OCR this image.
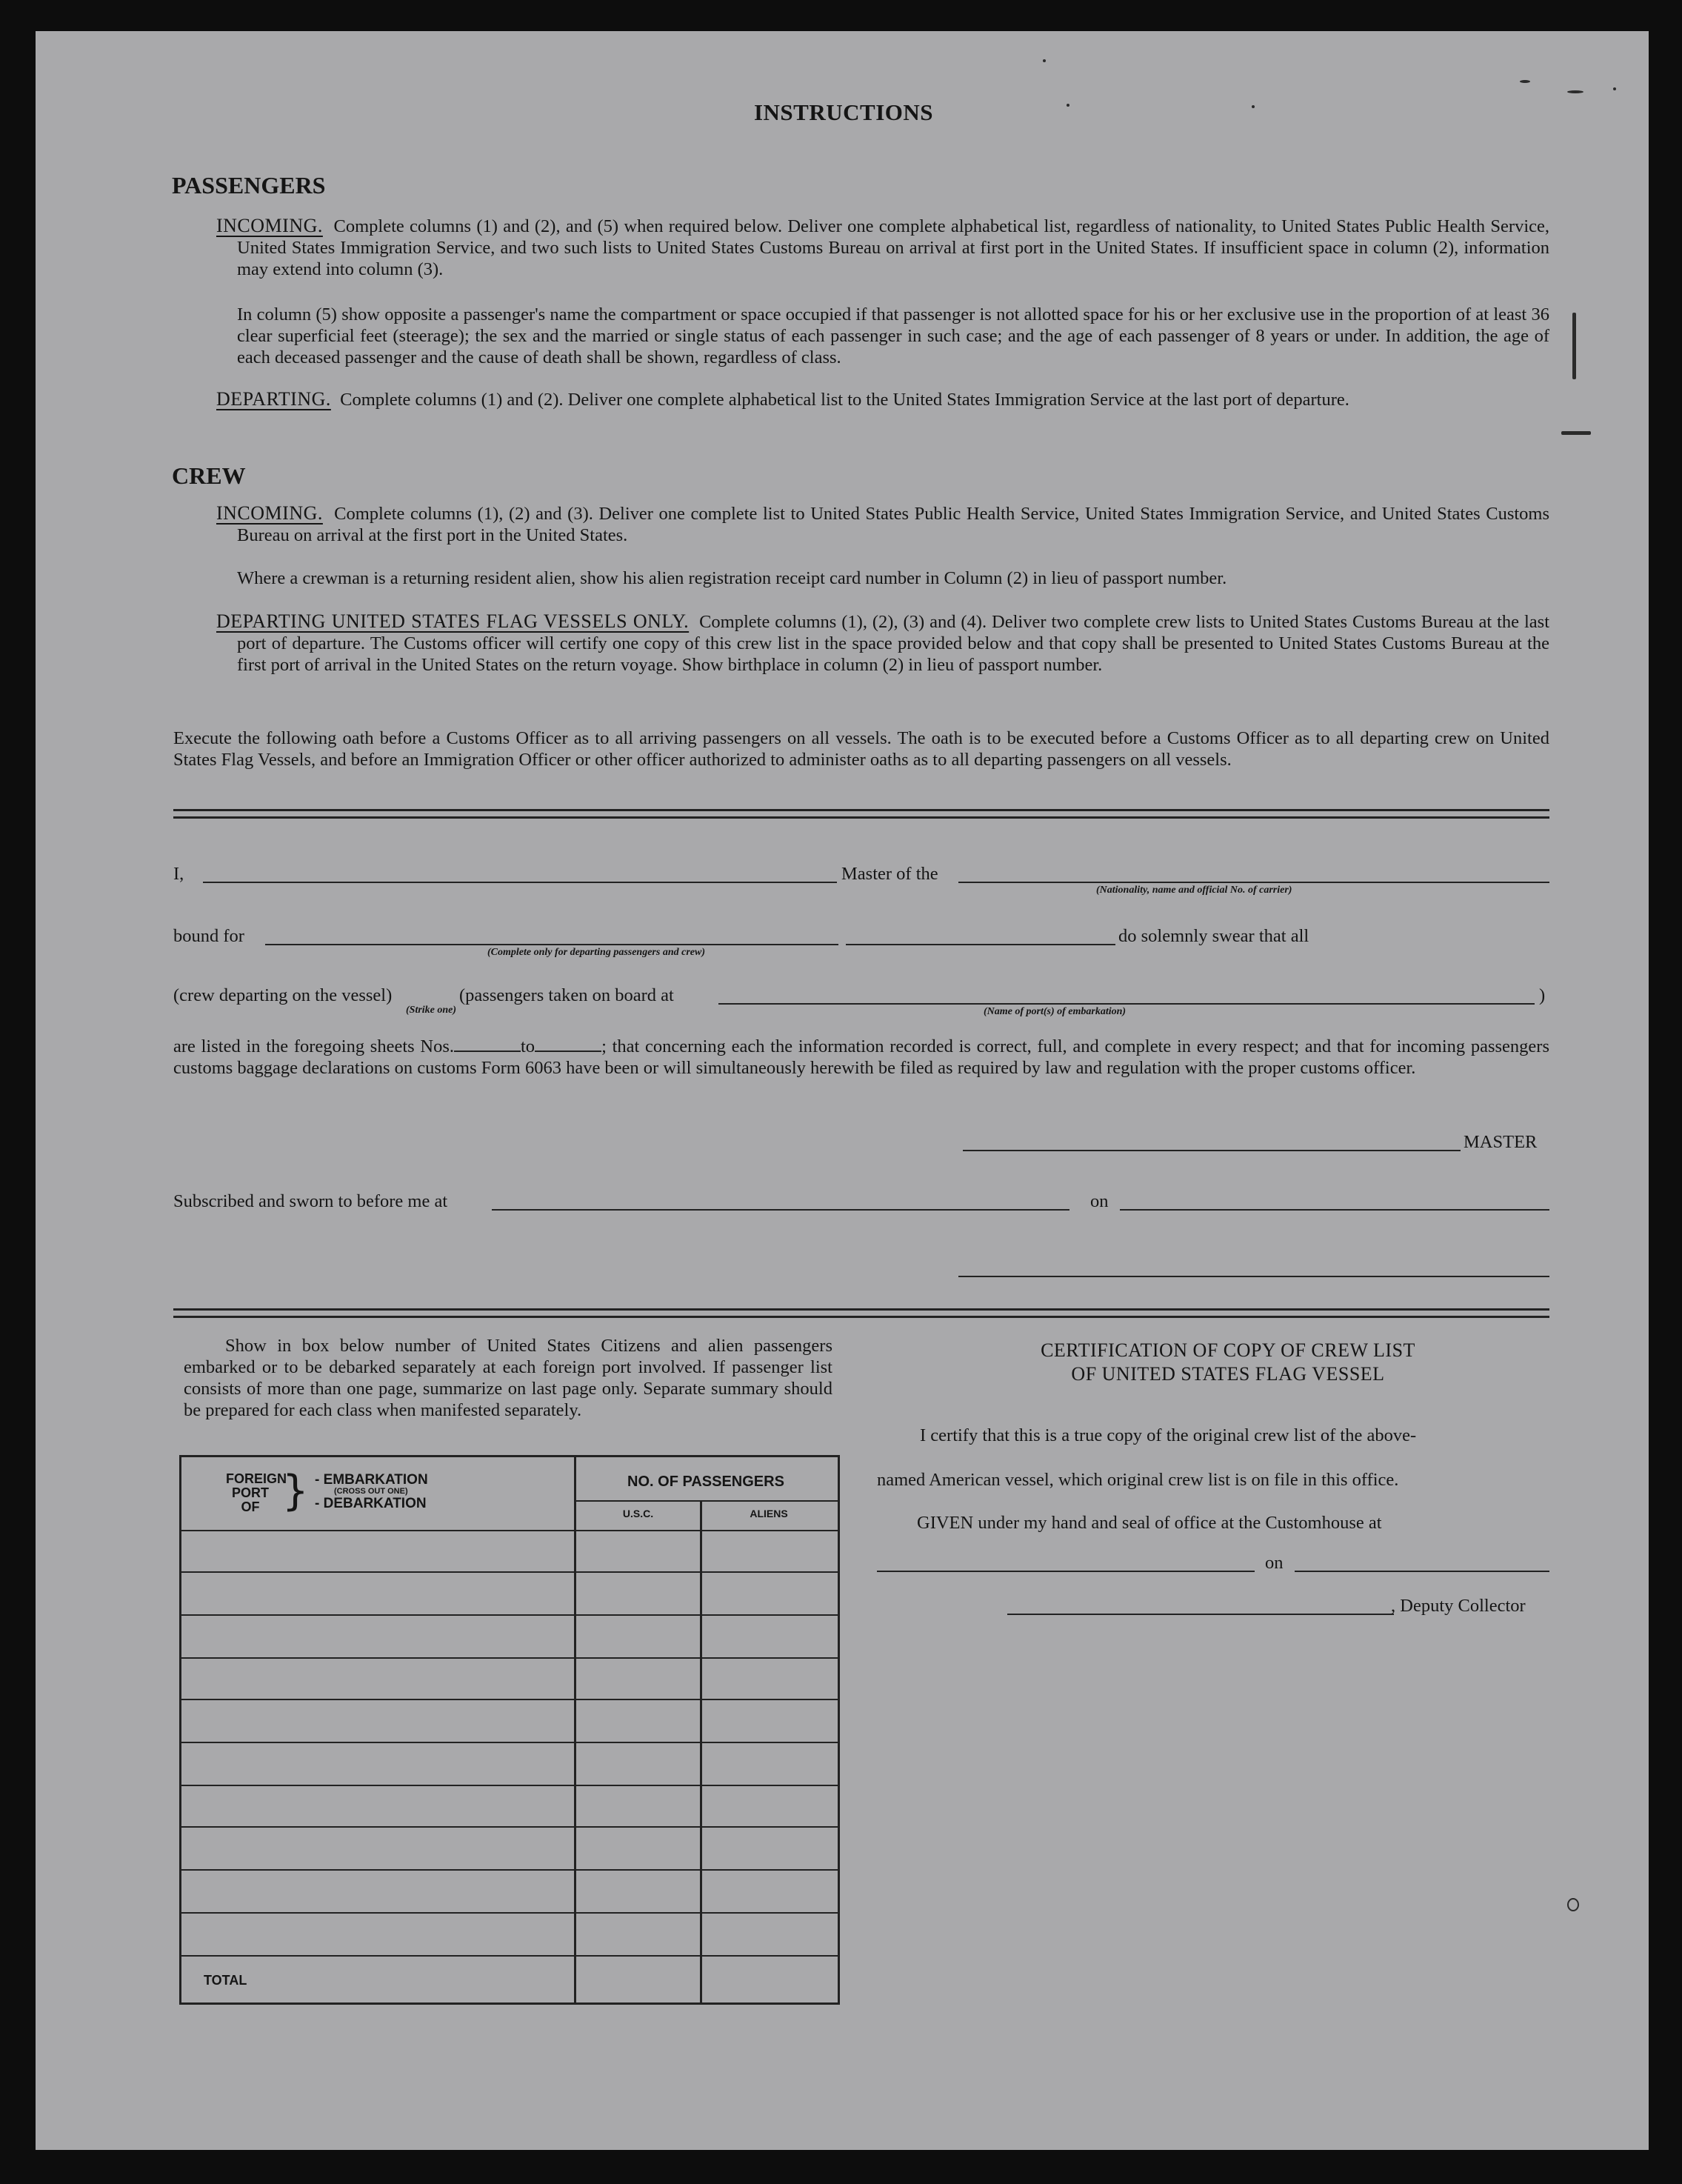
INSTRUCTIONS
PASSENGERS
INCOMING. Complete columns (1) and (2), and (5) when required below. Deliver one complete alphabetical list, regardless of nationality, to United States Public Health Service, United States Immigration Service, and two such lists to United States Customs Bureau on arrival at first port in the United States. If insufficient space in column (2), information may extend into column (3).
In column (5) show opposite a passenger's name the compartment or space occupied if that passenger is not allotted space for his or her exclusive use in the proportion of at least 36 clear superficial feet (steerage); the sex and the married or single status of each passenger in such case; and the age of each passenger of 8 years or under. In addition, the age of each deceased passenger and the cause of death shall be shown, regardless of class.
DEPARTING. Complete columns (1) and (2). Deliver one complete alphabetical list to the United States Immigration Service at the last port of departure.
CREW
INCOMING. Complete columns (1), (2) and (3). Deliver one complete list to United States Public Health Service, United States Immigration Service, and United States Customs Bureau on arrival at the first port in the United States.
Where a crewman is a returning resident alien, show his alien registration receipt card number in Column (2) in lieu of passport number.
DEPARTING UNITED STATES FLAG VESSELS ONLY. Complete columns (1), (2), (3) and (4). Deliver two complete crew lists to United States Customs Bureau at the last port of departure. The Customs officer will certify one copy of this crew list in the space provided below and that copy shall be presented to United States Customs Bureau at the first port of arrival in the United States on the return voyage. Show birthplace in column (2) in lieu of passport number.
Execute the following oath before a Customs Officer as to all arriving passengers on all vessels. The oath is to be executed before a Customs Officer as to all departing crew on United States Flag Vessels, and before an Immigration Officer or other officer authorized to administer oaths as to all departing passengers on all vessels.
I,	Master of the
(Nationality, name and official No. of carrier)
bound for
(Complete only for departing passengers and crew)
do solemnly swear that all
(crew departing on the vessel)
(Strike one)
(passengers taken on board at	)
(Name of port(s) of embarkation)
are listed in the foregoing sheets Nos.	to	; that concerning each the information recorded is correct, full, and complete in every respect; and that for incoming passengers customs baggage declarations on customs Form 6063 have been or will simultaneously herewith be filed as required by law and regulation with the proper customs officer.
MASTER
Subscribed and sworn to before me at	on
Show in box below number of United States Citizens and alien passengers embarked or to be debarked separately at each foreign port involved. If passenger list consists of more than one page, summarize on last page only. Separate summary should be prepared for each class when manifested separately.
FOREIGN PORT OF } - EMBARKATION
(CROSS OUT ONE)
- DEBARKATION
NO. OF PASSENGERS
U.S.C.	ALIENS
TOTAL
CERTIFICATION OF COPY OF CREW LIST
OF UNITED STATES FLAG VESSEL
I certify that this is a true copy of the original crew list of the above-
named American vessel, which original crew list is on file in this office.
GIVEN under my hand and seal of office at the Customhouse at
on
, Deputy Collector
